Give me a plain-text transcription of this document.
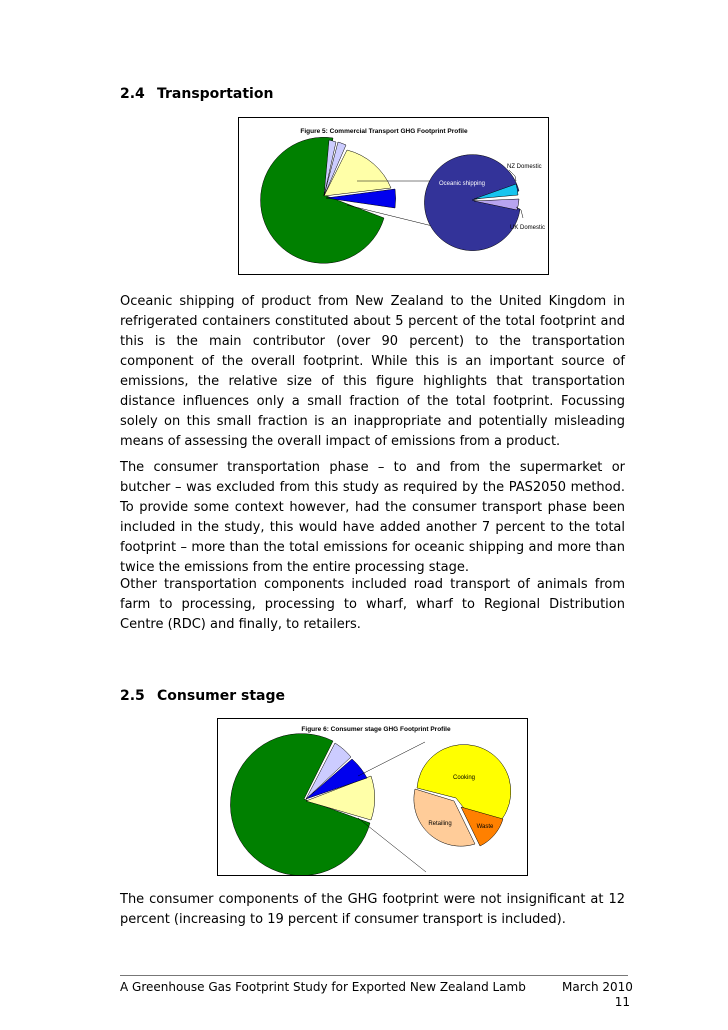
2.4 Transportation
Figure 5: Commercial Transport GHG Footprint Profile
Oceanic shipping
NZ Domestic
UK Domestic

Oceanic shipping of product from New Zealand to the United Kingdom in refrigerated containers constituted about 5 percent of the total footprint and this is the main contributor (over 90 percent) to the transportation component of the overall footprint. While this is an important source of emissions, the relative size of this figure highlights that transportation distance influences only a small fraction of the total footprint. Focussing solely on this small fraction is an inappropriate and potentially misleading means of assessing the overall impact of emissions from a product.

The consumer transportation phase – to and from the supermarket or butcher – was excluded from this study as required by the PAS2050 method. To provide some context however, had the consumer transport phase been included in the study, this would have added another 7 percent to the total footprint – more than the total emissions for oceanic shipping and more than twice the emissions from the entire processing stage.

Other transportation components included road transport of animals from farm to processing, processing to wharf, wharf to Regional Distribution Centre (RDC) and finally, to retailers.

2.5 Consumer stage
Figure 6: Consumer stage GHG Footprint Profile
Cooking
Retailing	Waste

The consumer components of the GHG footprint were not insignificant at 12 percent (increasing to 19 percent if consumer transport is included).

A Greenhouse Gas Footprint Study for Exported New Zealand Lamb	March 2010
11
